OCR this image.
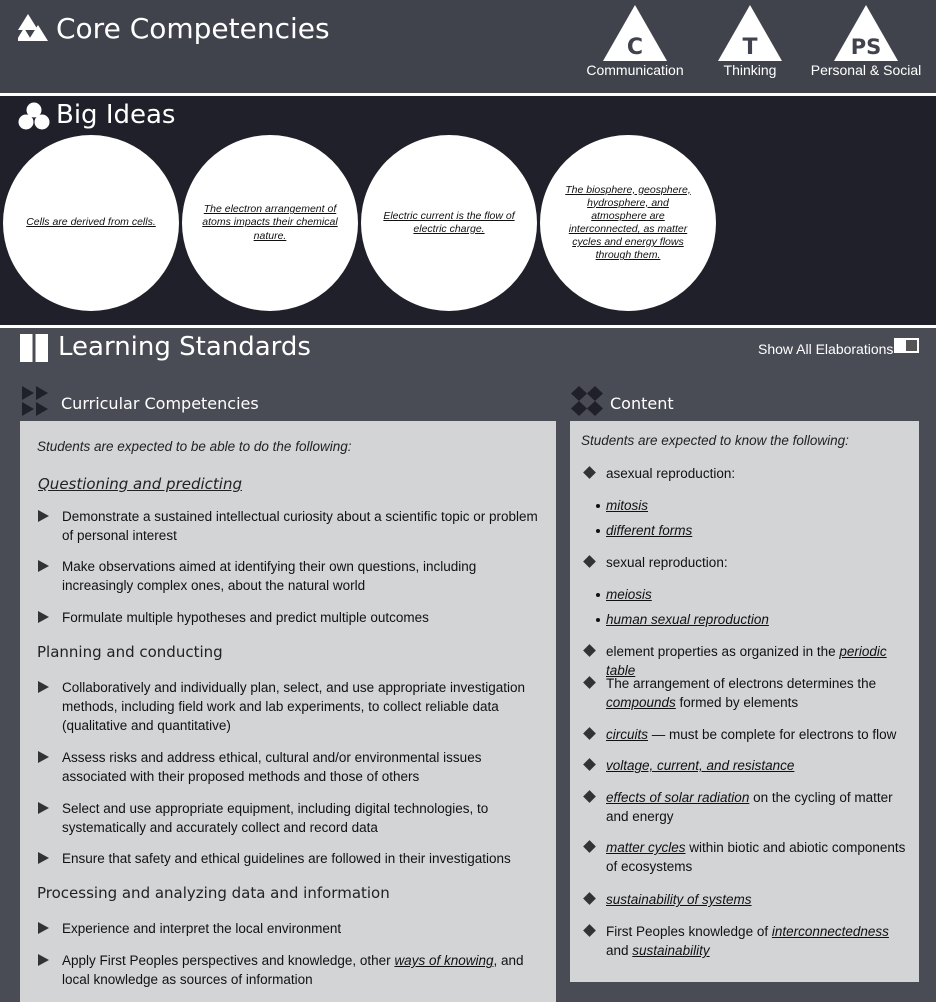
Core Competencies
C
Communication
T
Thinking
PS
Personal & Social
Big Ideas
Cells are derived from cells.
The electron arrangement of atoms impacts their chemical nature.
Electric current is the flow of electric charge.
The biosphere, geosphere, hydrosphere, and atmosphere are interconnected, as matter cycles and energy flows through them.
Learning Standards	Show All Elaborations
Curricular Competencies	Content
Students are expected to be able to do the following:
Questioning and predicting
Demonstrate a sustained intellectual curiosity about a scientific topic or problem of personal interest
Make observations aimed at identifying their own questions, including increasingly complex ones, about the natural world
Formulate multiple hypotheses and predict multiple outcomes
Planning and conducting
Collaboratively and individually plan, select, and use appropriate investigation methods, including field work and lab experiments, to collect reliable data (qualitative and quantitative)
Assess risks and address ethical, cultural and/or environmental issues associated with their proposed methods and those of others
Select and use appropriate equipment, including digital technologies, to systematically and accurately collect and record data
Ensure that safety and ethical guidelines are followed in their investigations
Processing and analyzing data and information
Experience and interpret the local environment
Apply First Peoples perspectives and knowledge, other ways of knowing, and local knowledge as sources of information
Students are expected to know the following:
asexual reproduction:
mitosis
different forms
sexual reproduction:
meiosis
human sexual reproduction
element properties as organized in the periodic table
The arrangement of electrons determines the compounds formed by elements
circuits — must be complete for electrons to flow
voltage, current, and resistance
effects of solar radiation on the cycling of matter and energy
matter cycles within biotic and abiotic components of ecosystems
sustainability of systems
First Peoples knowledge of interconnectedness and sustainability
